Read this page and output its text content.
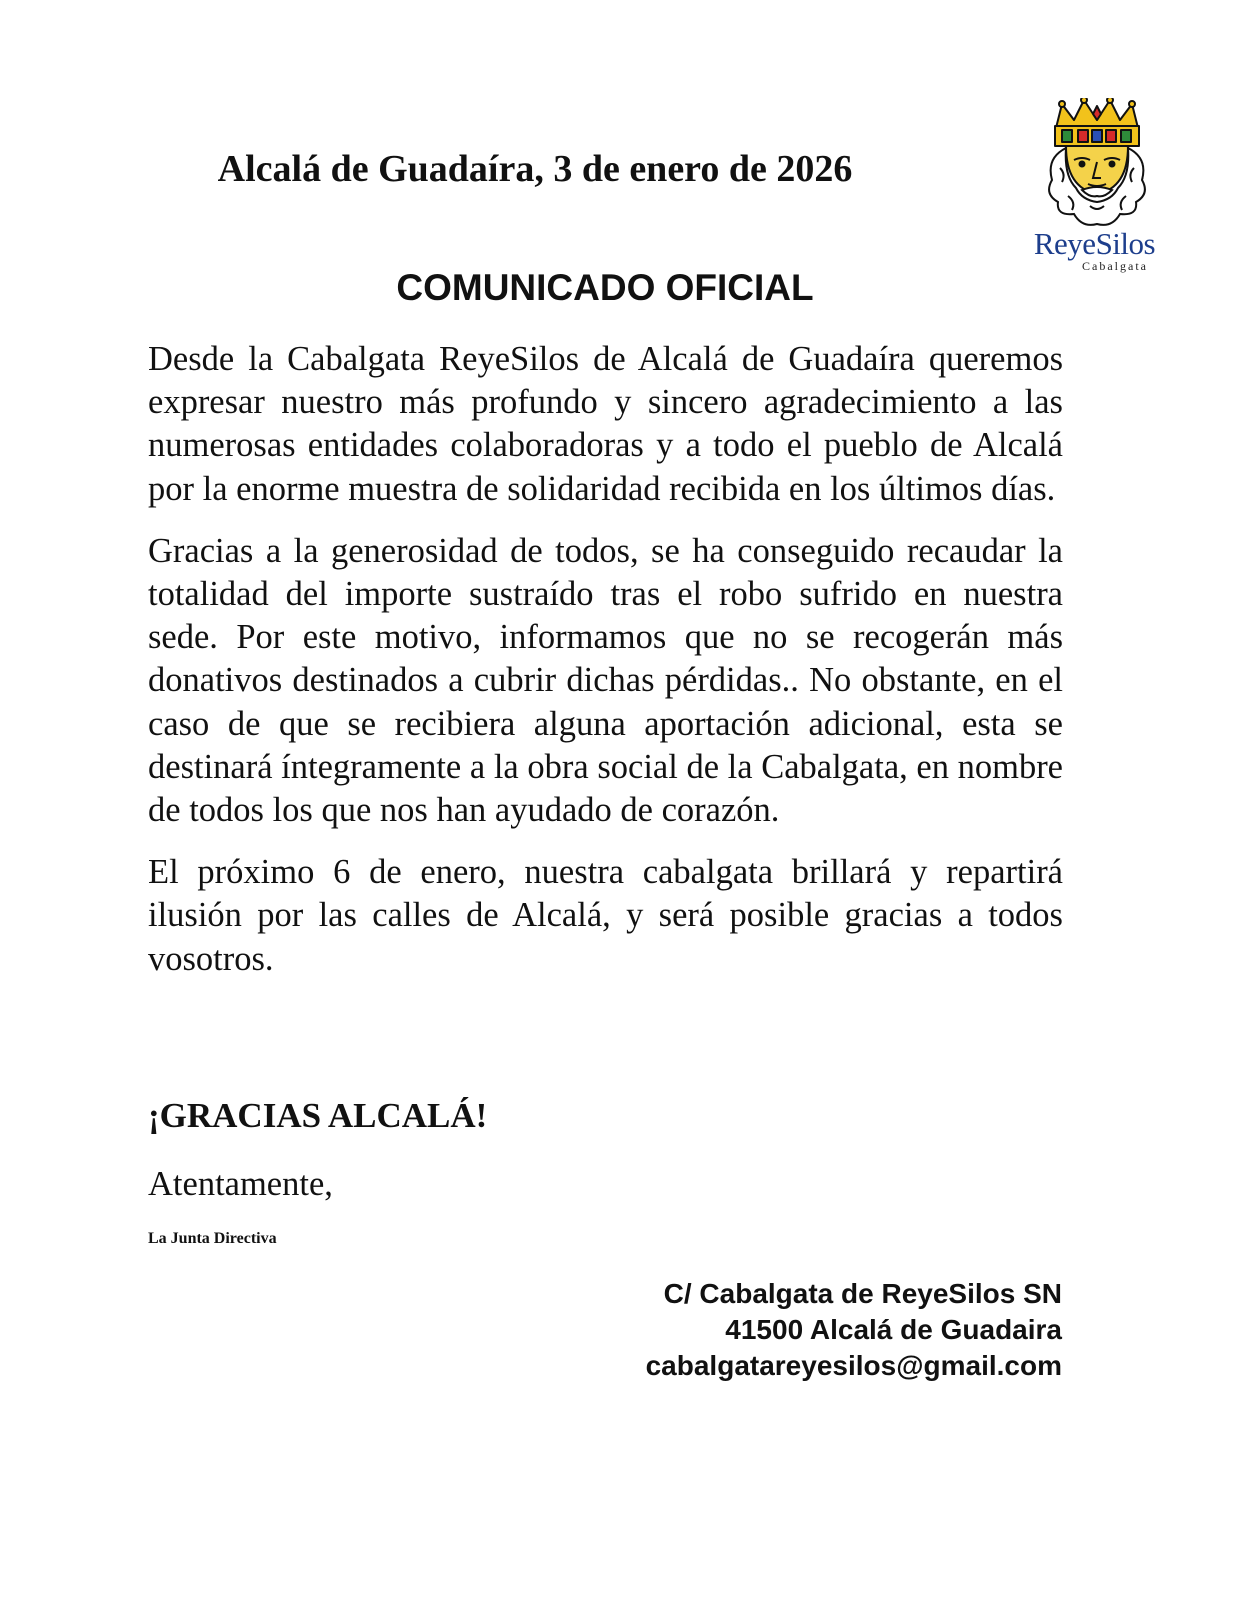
Alcalá de Guadaíra, 3 de enero de 2026
ReyeSilos
Cabalgata
COMUNICADO OFICIAL

Desde la Cabalgata ReyeSilos de Alcalá de Guadaíra queremos expresar nuestro más profundo y sincero agradecimiento a las numerosas entidades colaboradoras y a todo el pueblo de Alcalá por la enorme muestra de solidaridad recibida en los últimos días.

Gracias a la generosidad de todos, se ha conseguido recaudar la totalidad del importe sustraído tras el robo sufrido en nuestra sede. Por este motivo, informamos que no se recogerán más donativos destinados a cubrir dichas pérdidas.. No obstante, en el caso de que se recibiera alguna aportación adicional, esta se destinará íntegramente a la obra social de la Cabalgata, en nombre de todos los que nos han ayudado de corazón.

El próximo 6 de enero, nuestra cabalgata brillará y repartirá ilusión por las calles de Alcalá, y será posible gracias a todos vosotros.

¡GRACIAS ALCALÁ!
Atentamente,
La Junta Directiva
C/ Cabalgata de ReyeSilos SN
41500 Alcalá de Guadaira
cabalgatareyesilos@gmail.com
